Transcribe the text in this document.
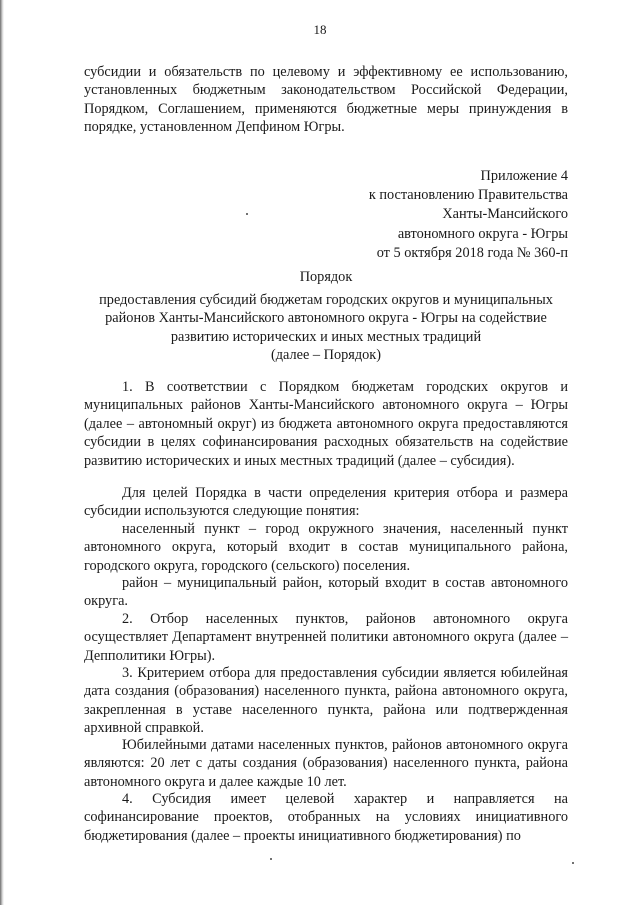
18

субсидии и обязательств по целевому и эффективному ее использованию, установленных бюджетным законодательством Российской Федерации, Порядком, Соглашением, применяются бюджетные меры принуждения в порядке, установленном Депфином Югры.

Приложение 4
к постановлению Правительства
Ханты-Мансийского
автономного округа - Югры
от 5 октября 2018 года № 360-п
Порядок
предоставления субсидий бюджетам городских округов и муниципальных
районов Ханты-Мансийского автономного округа - Югры на содействие
развитию исторических и иных местных традиций
(далее – Порядок)

1. В соответствии с Порядком бюджетам городских округов и муниципальных районов Ханты-Мансийского автономного округа – Югры (далее – автономный округ) из бюджета автономного округа предоставляются субсидии в целях софинансирования расходных обязательств на содействие развитию исторических и иных местных традиций (далее – субсидия).

Для целей Порядка в части определения критерия отбора и размера субсидии используются следующие понятия:

населенный пункт – город окружного значения, населенный пункт автономного округа, который входит в состав муниципального района, городского округа, городского (сельского) поселения.

район – муниципальный район, который входит в состав автономного округа.

2. Отбор населенных пунктов, районов автономного округа осуществляет Департамент внутренней политики автономного округа (далее – Депполитики Югры).

3. Критерием отбора для предоставления субсидии является юбилейная дата создания (образования) населенного пункта, района автономного округа, закрепленная в уставе населенного пункта, района или подтвержденная архивной справкой.

Юбилейными датами населенных пунктов, районов автономного округа являются: 20 лет с даты создания (образования) населенного пункта, района автономного округа и далее каждые 10 лет.

4. Субсидия имеет целевой характер и направляется на софинансирование проектов, отобранных на условиях инициативного бюджетирования (далее – проекты инициативного бюджетирования) по
